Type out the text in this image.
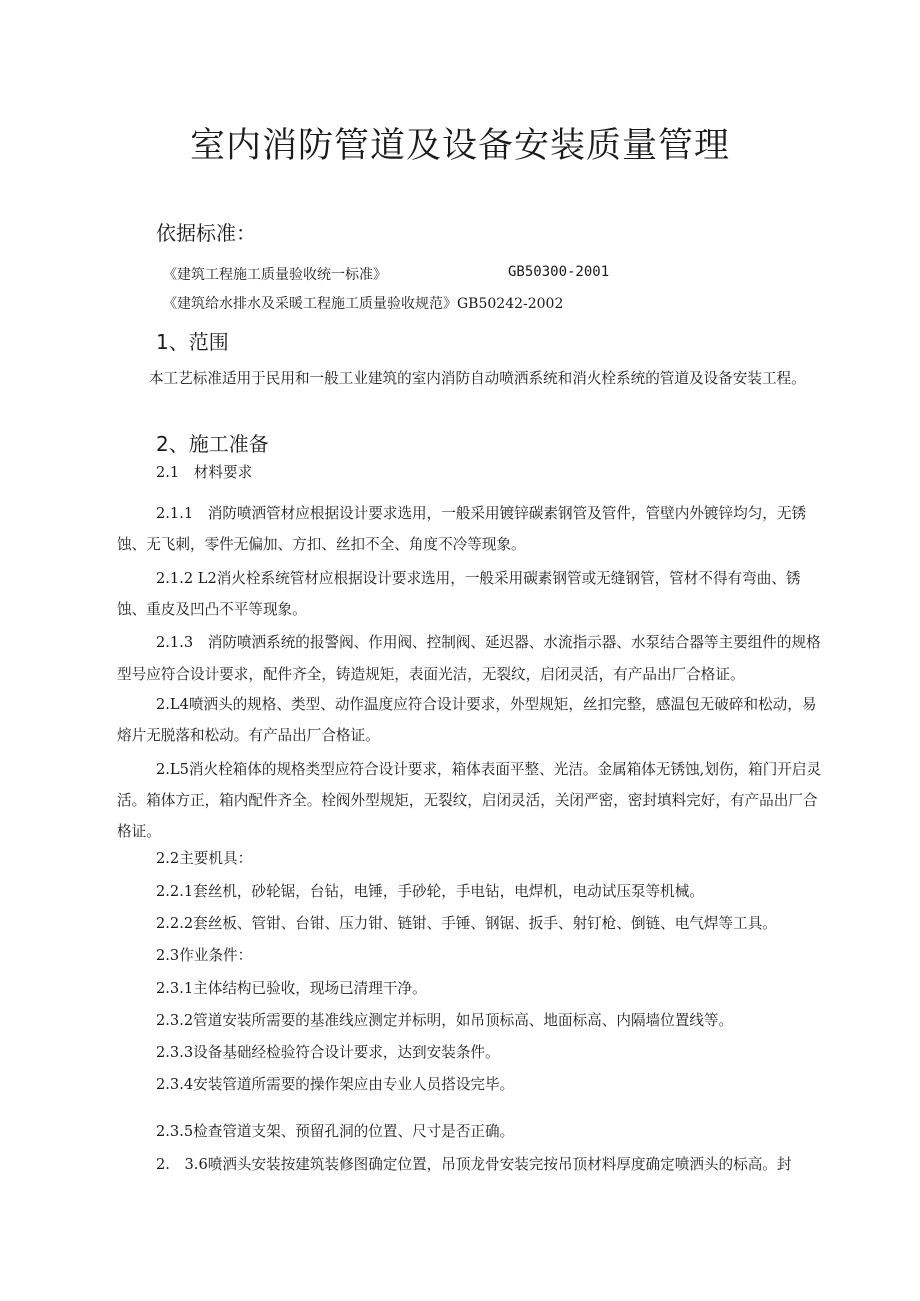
室内消防管道及设备安装质量管理
依据标准：
《建筑工程施工质量验收统一标准》	GB50300-2001
《建筑给水排水及采暖工程施工质量验收规范》GB50242-2002
1、范围
本工艺标准适用于民用和一般工业建筑的室内消防自动喷洒系统和消火栓系统的管道及设备安装工程。
2、施工准备
2.1　材料要求
2.1.1　消防喷洒管材应根据设计要求选用，一般采用镀锌碳素钢管及管件，管壁内外镀锌均匀，无锈蚀、无飞刺，零件无偏加、方扣、丝扣不全、角度不冷等现象。
2.1.2 L2消火栓系统管材应根据设计要求选用，一般采用碳素钢管或无缝钢管，管材不得有弯曲、锈蚀、重皮及凹凸不平等现象。
2.1.3　消防喷洒系统的报警阀、作用阀、控制阀、延迟器、水流指示器、水泵结合器等主要组件的规格型号应符合设计要求，配件齐全，铸造规矩，表面光洁，无裂纹，启闭灵活，有产品出厂合格证。
2.L4喷洒头的规格、类型、动作温度应符合设计要求，外型规矩，丝扣完整，感温包无破碎和松动，易熔片无脱落和松动。有产品出厂合格证。
2.L5消火栓箱体的规格类型应符合设计要求，箱体表面平整、光洁。金属箱体无锈蚀,划伤，箱门开启灵活。箱体方正，箱内配件齐全。栓阀外型规矩，无裂纹，启闭灵活，关闭严密，密封填料完好，有产品出厂合格证。
2.2主要机具：
2.2.1套丝机，砂轮锯，台钻，电锤，手砂轮，手电钻，电焊机，电动试压泵等机械。
2.2.2套丝板、管钳、台钳、压力钳、链钳、手锤、钢锯、扳手、射钉枪、倒链、电气焊等工具。
2.3作业条件：
2.3.1主体结构已验收，现场已清理干净。
2.3.2管道安装所需要的基准线应测定并标明，如吊顶标高、地面标高、内隔墙位置线等。
2.3.3设备基础经检验符合设计要求，达到安装条件。
2.3.4安装管道所需要的操作架应由专业人员搭设完毕。
2.3.5检查管道支架、预留孔洞的位置、尺寸是否正确。
2.　3.6喷洒头安装按建筑装修图确定位置，吊顶龙骨安装完按吊顶材料厚度确定喷洒头的标高。封
